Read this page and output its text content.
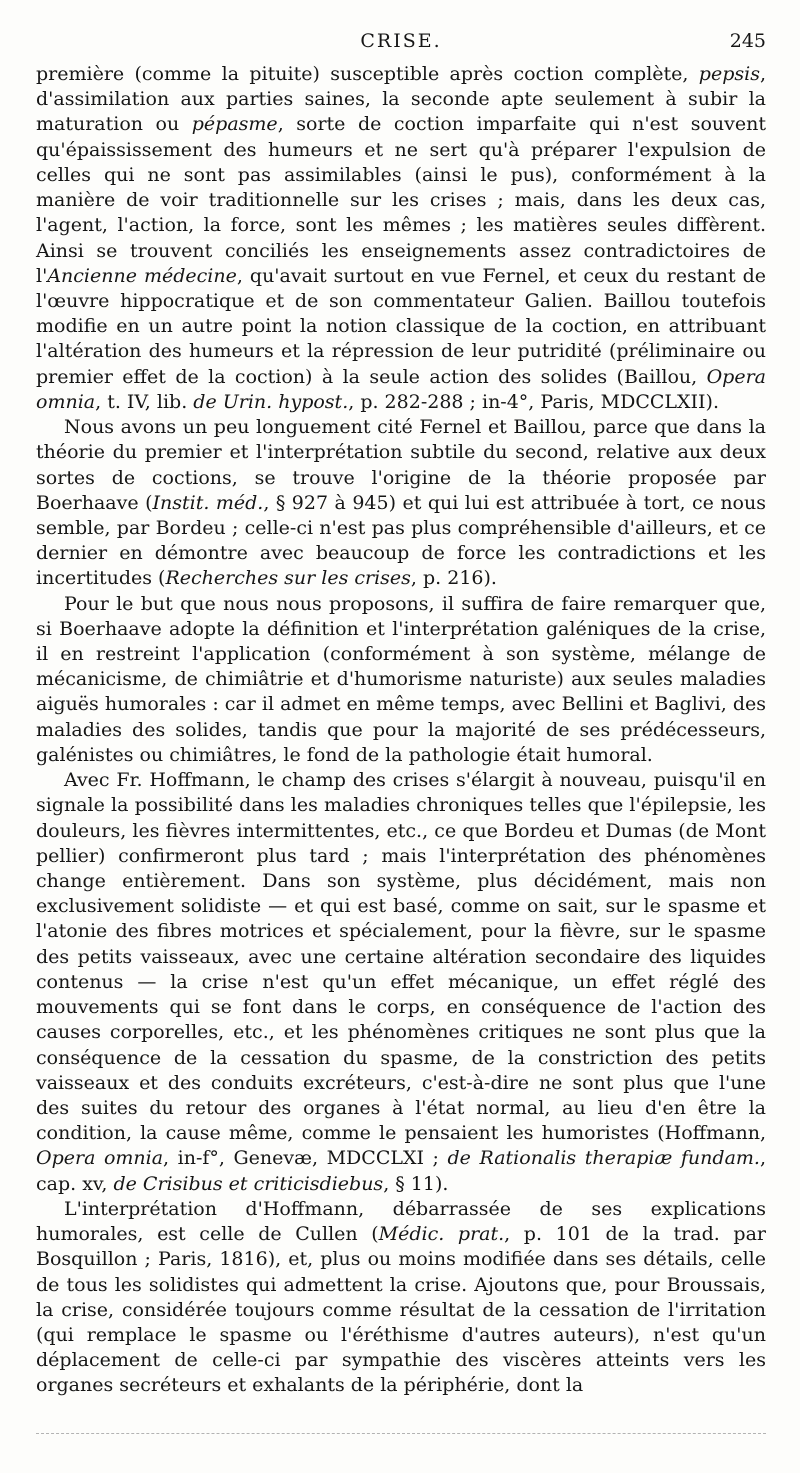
CRISE.	245

première (comme la pituite) susceptible après coction complète, pepsis, d'assimilation aux parties saines, la seconde apte seulement à subir la maturation ou pépasme, sorte de coction imparfaite qui n'est souvent qu'épaississement des humeurs et ne sert qu'à préparer l'expulsion de celles qui ne sont pas assimilables (ainsi le pus), conformément à la manière de voir traditionnelle sur les crises ; mais, dans les deux cas, l'agent, l'action, la force, sont les mêmes ; les matières seules diffèrent. Ainsi se trouvent conciliés les enseignements assez contradictoires de l'Ancienne médecine, qu'avait surtout en vue Fernel, et ceux du restant de l'œuvre hippocratique et de son commentateur Galien. Baillou toutefois modifie en un autre point la notion classique de la coction, en attribuant l'altération des humeurs et la répression de leur putridité (préliminaire ou premier effet de la coction) à la seule action des solides (Baillou, Opera omnia, t. IV, lib. de Urin. hypost., p. 282-288 ; in-4°, Paris, MDCCLXII).

Nous avons un peu longuement cité Fernel et Baillou, parce que dans la théorie du premier et l'interprétation subtile du second, relative aux deux sortes de coctions, se trouve l'origine de la théorie proposée par Boerhaave (Instit. méd., § 927 à 945) et qui lui est attribuée à tort, ce nous semble, par Bordeu ; celle-ci n'est pas plus compréhensible d'ailleurs, et ce dernier en démontre avec beaucoup de force les contradictions et les incertitudes (Recherches sur les crises, p. 216).

Pour le but que nous nous proposons, il suffira de faire remarquer que, si Boerhaave adopte la définition et l'interprétation galéniques de la crise, il en restreint l'application (conformément à son système, mélange de mécanicisme, de chimiâtrie et d'humorisme naturiste) aux seules maladies aiguës humorales : car il admet en même temps, avec Bellini et Baglivi, des maladies des solides, tandis que pour la majorité de ses prédécesseurs, galénistes ou chimiâtres, le fond de la pathologie était humoral.

Avec Fr. Hoffmann, le champ des crises s'élargit à nouveau, puisqu'il en signale la possibilité dans les maladies chroniques telles que l'épilepsie, les douleurs, les fièvres intermittentes, etc., ce que Bordeu et Dumas (de Mont pellier) confirmeront plus tard ; mais l'interprétation des phénomènes change entièrement. Dans son système, plus décidément, mais non exclusivement solidiste — et qui est basé, comme on sait, sur le spasme et l'atonie des fibres motrices et spécialement, pour la fièvre, sur le spasme des petits vaisseaux, avec une certaine altération secondaire des liquides contenus — la crise n'est qu'un effet mécanique, un effet réglé des mouvements qui se font dans le corps, en conséquence de l'action des causes corporelles, etc., et les phénomènes critiques ne sont plus que la conséquence de la cessation du spasme, de la constriction des petits vaisseaux et des conduits excréteurs, c'est-à-dire ne sont plus que l'une des suites du retour des organes à l'état normal, au lieu d'en être la condition, la cause même, comme le pensaient les humoristes (Hoffmann, Opera omnia, in-f°, Genevæ, MDCCLXI ; de Rationalis therapiæ fundam., cap. xv, de Crisibus et criticisdiebus, § 11).

L'interprétation d'Hoffmann, débarrassée de ses explications humorales, est celle de Cullen (Médic. prat., p. 101 de la trad. par Bosquillon ; Paris, 1816), et, plus ou moins modifiée dans ses détails, celle de tous les solidistes qui admettent la crise. Ajoutons que, pour Broussais, la crise, considérée toujours comme résultat de la cessation de l'irritation (qui remplace le spasme ou l'éréthisme d'autres auteurs), n'est qu'un déplacement de celle-ci par sympathie des viscères atteints vers les organes secréteurs et exhalants de la périphérie, dont la
